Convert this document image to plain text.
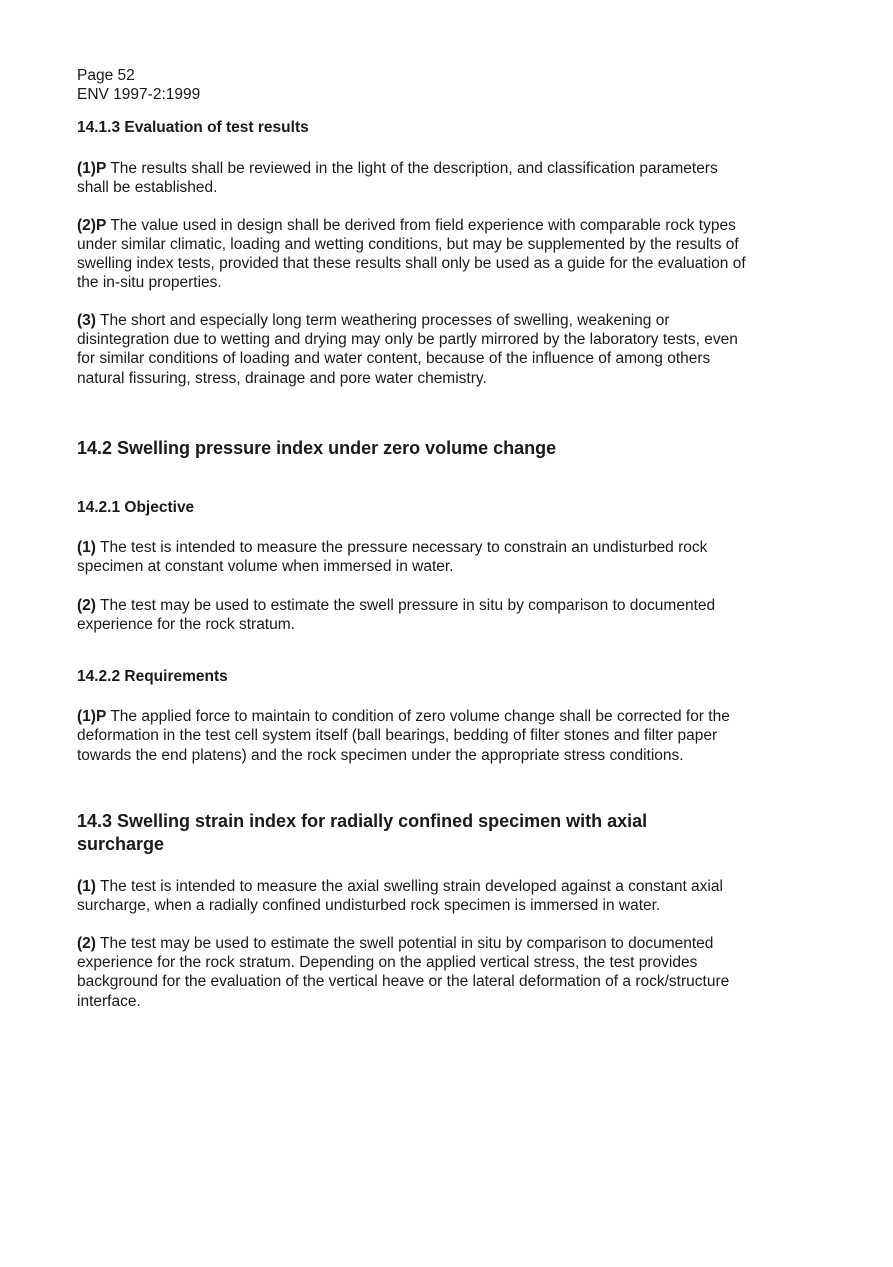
Page 52

ENV 1997-2:1999

14.1.3 Evaluation of test results

(1)P The results shall be reviewed in the light of the description, and classification parameters shall be established.

(2)P The value used in design shall be derived from field experience with comparable rock types under similar climatic, loading and wetting conditions, but may be supplemented by the results of swelling index tests, provided that these results shall only be used as a guide for the evaluation of the in-situ properties.

(3) The short and especially long term weathering processes of swelling, weakening or disintegration due to wetting and drying may only be partly mirrored by the laboratory tests, even for similar conditions of loading and water content, because of the influence of among others natural fissuring, stress, drainage and pore water chemistry.

14.2 Swelling pressure index under zero volume change

14.2.1 Objective

(1) The test is intended to measure the pressure necessary to constrain an undisturbed rock specimen at constant volume when immersed in water.

(2) The test may be used to estimate the swell pressure in situ by comparison to documented experience for the rock stratum.

14.2.2 Requirements

(1)P The applied force to maintain to condition of zero volume change shall be corrected for the deformation in the test cell system itself (ball bearings, bedding of filter stones and filter paper towards the end platens) and the rock specimen under the appropriate stress conditions.

14.3 Swelling strain index for radially confined specimen with axial surcharge

(1) The test is intended to measure the axial swelling strain developed against a constant axial surcharge, when a radially confined undisturbed rock specimen is immersed in water.

(2) The test may be used to estimate the swell potential in situ by comparison to documented experience for the rock stratum. Depending on the applied vertical stress, the test provides background for the evaluation of the vertical heave or the lateral deformation of a rock/structure interface.
